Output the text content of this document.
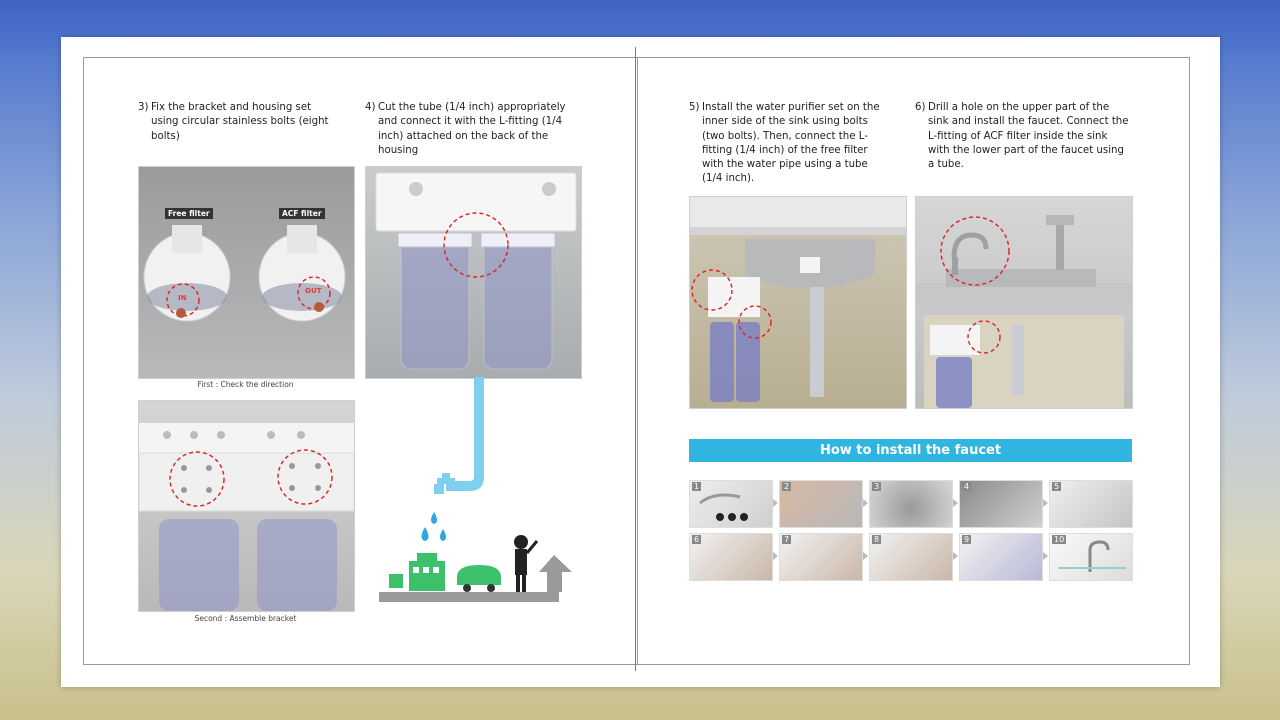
3) Fix the bracket and housing set using circular stainless bolts (eight bolts)
4) Cut the tube (1/4 inch) appropriately and connect it with the L-fitting (1/4 inch) attached on the back of the housing
5) Install the water purifier set on the inner side of the sink using bolts (two bolts). Then, connect the L-fitting (1/4 inch) of the free filter with the water pipe using a tube (1/4 inch).
6) Drill a hole on the upper part of the sink and install the faucet. Connect the L-fitting of ACF filter inside the sink with the lower part of the faucet using a tube.
Free filter	ACF filter
IN
OUT
First : Check the direction
Second : Assemble bracket
How to install the faucet
1	2	3	4	5
6	7	8	9	10
